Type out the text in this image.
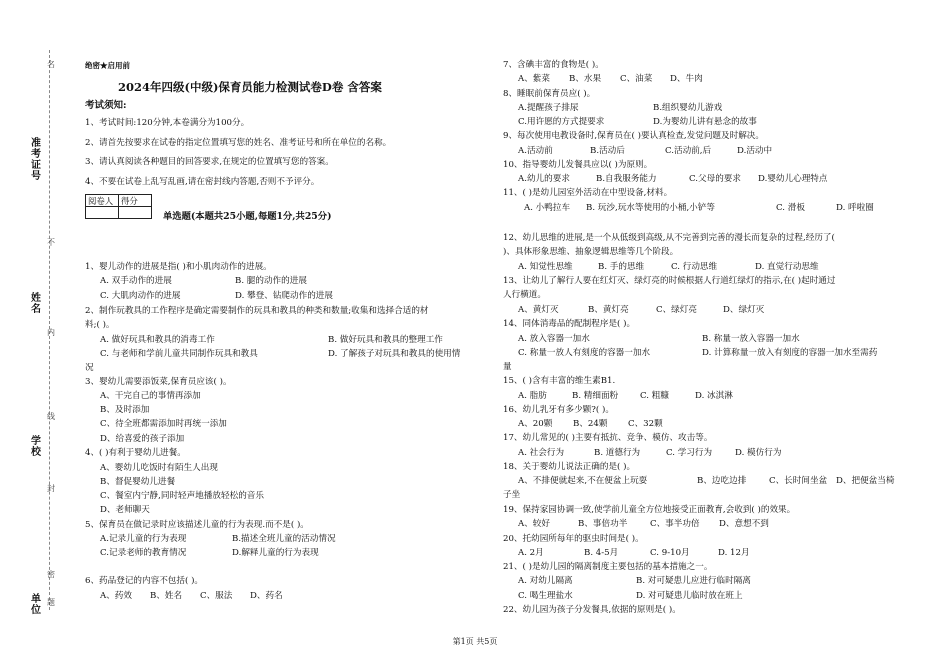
准考证号
姓名
学校
单位
名
不
内
线
封
密
题
绝密★启用前
2024年四级(中级)保育员能力检测试卷D卷 含答案
考试须知:
1、考试时间:120分钟,本卷满分为100分。
2、请首先按要求在试卷的指定位置填写您的姓名、准考证号和所在单位的名称。
3、请认真阅读各种题目的回答要求,在规定的位置填写您的答案。
4、不要在试卷上乱写乱画,请在密封线内答题,否则不予评分。
阅卷人	得分

单选题(本题共25小题,每题1分,共25分)
1、婴儿动作的进展是指( )和小肌肉动作的进展。
A. 双手动作的进展	B. 腿的动作的进展
C. 大肌肉动作的进展	D. 攀登、钻爬动作的进展
2、制作玩教具的工作程序是确定需要制作的玩具和教具的种类和数量;收集和选择合适的材
料;( )。
A. 做好玩具和教具的消毒工作	B. 做好玩具和教具的整理工作
C. 与老师和学前儿童共同制作玩具和教具	D. 了解孩子对玩具和教具的使用情
况
3、婴幼儿需要添饭菜,保育员应该( )。
A、干完自己的事情再添加
B、及时添加
C、待全班都需添加时再统一添加
D、给喜爱的孩子添加
4、( )有利于婴幼儿进餐。
A、婴幼儿吃饭时有陌生人出现
B、督促婴幼儿进餐
C、餐室内宁静,同时轻声地播放轻松的音乐
D、老师聊天
5、保育员在做记录时应该描述儿童的行为表现.而不是( )。
A.记录儿童的行为表现	B.描述全班儿童的活动情况
C.记录老师的教育情况	D.解释儿童的行为表现
6、药品登记的内容不包括( )。
A、药效 B、姓名 C、服法 D、药名
7、含碘丰富的食物是( )。
A、紫菜 B、水果 C、油菜 D、牛肉
8、睡眠前保育员应( )。
A.提醒孩子排尿	B.组织婴幼儿游戏
C.用许愿的方式提要求	D.为婴幼儿讲有悬念的故事
9、每次使用电教设备时,保育员在( )要认真检查,发觉问题及时解决。
A.活动前	B.活动后	C.活动前,后	D.活动中
10、指导婴幼儿发餐具应以( )为原则。
A.幼儿的要求	B.自我服务能力	C.父母的要求 D.婴幼儿心理特点
11、( )是幼儿园室外活动在中型设备,材料。
A. 小鸭拉车 B. 玩沙,玩水等使用的小桶,小铲等	C. 滑板	D. 呼啦圈
12、幼儿思维的进展,是一个从低级到高级,从不完善到完善的漫长而复杂的过程,经历了(
)、具体形象思维、抽象逻辑思维等几个阶段。
A. 知觉性思维	B. 手的思维	C. 行动思维	D. 直觉行动思维
13、让幼儿了解行人要在红灯灭、绿灯亮的时候根据人行道红绿灯的指示,在( )起时通过
人行横道。
A、黄灯灭	B、黄灯亮	C、绿灯亮	D、绿灯灭
14、同体消毒品的配制程序是( )。
A. 放入容器一加水	B. 称量一放入容器一加水
C. 称量一放人有刻度的容器一加水	D. 计算称量一放入有刻度的容器一加水至需药
量
15、( )含有丰富的维生素B1.
A. 脂肪	B. 精细面粉	C. 粗糠	D. 冰淇淋
16、幼儿乳牙有多少颗?( )。
A、20颗 B、24颗 C、32颗
17、幼儿常见的( )主要有抵抗、竞争、模仿、攻击等。
A. 社会行为	B. 道德行为	C. 学习行为	D. 模仿行为
18、关于婴幼儿说法正确的是( )。
A、不排便就起来,不在便盆上玩耍	B、边吃边排	C、长时间坐盆 D、把便盆当椅
子坐
19、保持家园协调一致,使学前儿童全方位地接受正面教育,会收到( )的效果。
A、较好	B、事倍功半	C、事半功倍 D、意想不到
20、托幼园所每年的驱虫时间是( )。
A. 2月	B. 4-5月	C. 9-10月	D. 12月
21、( )是幼儿园的隔离制度主要包括的基本措施之一。
A. 对幼儿隔离	B. 对可疑患儿应进行临时隔离
C. 喝生理盐水	D. 对可疑患儿临时放在班上
22、幼儿园为孩子分发餐具,依据的原则是( )。
第1页 共5页
